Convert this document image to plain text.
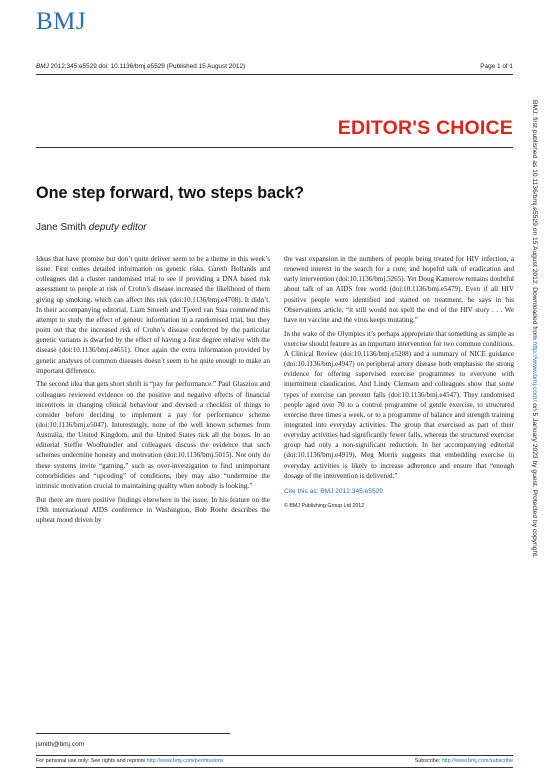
BMJ
BMJ 2012;345:e5529 doi: 10.1136/bmj.e5529 (Published 15 August 2012)	Page 1 of 1
EDITOR'S CHOICE
One step forward, two steps back?
Jane Smith deputy editor

Ideas that have promise but don’t quite deliver seem to be a theme in this week’s issue. First comes detailed information on genetic risks. Gareth Hollands and colleagues did a cluster randomised trial to see if providing a DNA based risk assessment to people at risk of Crohn’s disease increased the likelihood of them giving up smoking, which can affect this risk (doi:10.1136/bmj.e4708). It didn’t. In their accompanying editorial, Liam Smeeth and Tjeerd van Staa commend this attempt to study the effect of genetic information in a randomised trial, but they point out that the increased risk of Crohn’s disease conferred by the particular genetic variants is dwarfed by the effect of having a first degree relative with the disease (doi:10.1136/bmj.e4651). Once again the extra information provided by genetic analyses of common diseases doesn’t seem to be quite enough to make an important difference.

The second idea that gets short shrift is “pay for performance.” Paul Glasziou and colleagues reviewed evidence on the positive and negative effects of financial incentives in changing clinical behaviour and devised a checklist of things to consider before deciding to implement a pay for performance scheme (doi:10.1136/bmj.e5047). Interestingly, none of the well known schemes from Australia, the United Kingdom, and the United States tick all the boxes. In an editorial Steffie Woolhandler and colleagues discuss the evidence that such schemes undermine honesty and motivation (doi:10.1136/bmj.5015). Not only do these systems invite “gaming,” such as over-investigation to find unimportant comorbidities and “upcoding” of conditions, they may also “undermine the intrinsic motivation crucial to maintaining quality when nobody is looking.”

But there are more positive findings elsewhere in the issue. In his feature on the 19th international AIDS conference in Washington, Bob Roehr describes the upbeat mood driven by

the vast expansion in the numbers of people being treated for HIV infection, a renewed interest in the search for a cure, and hopeful talk of eradication and early intervention (doi:10.1136/bmj.5265). Yet Doug Kamerow remains doubtful about talk of an AIDS free world (doi:10.1136/bmj.e5479). Even if all HIV positive people were identified and started on treatment, he says in his Observations article, “it still would not spell the end of the HIV story . . . We have no vaccine and the virus keeps mutating.”

In the wake of the Olympics it’s perhaps appropriate that something as simple as exercise should feature as an important intervention for two common conditions. A Clinical Review (doi:10.1136/bmj.e5208) and a summary of NICE guidance (doi:10.1136/bmj.e4947) on peripheral artery disease both emphasise the strong evidence for offering supervised exercise programmes to everyone with intermittent claudication. And Lindy Clemson and colleagues show that some types of exercise can prevent falls (doi:10.1136/bmj.e4547). They randomised people aged over 70 to a control programme of gentle exercise, to structured exercise three times a week, or to a programme of balance and strength training integrated into everyday activities. The group that exercised as part of their everyday activities had significantly fewer falls, whereas the structured exercise group had only a non-significant reduction. In her accompanying editorial (doi:10.1136/bmj.e4919), Meg Morris suggests that embedding exercise in everyday activities is likely to increase adherence and ensure that “enough dosage of the intervention is delivered.”

Cite this as: BMJ 2012;345:e5529

© BMJ Publishing Group Ltd 2012

jsmith@bmj.com
For personal use only: See rights and reprints http://www.bmj.com/permissions	Subscribe: http://www.bmj.com/subscribe
BMJ: first published as 10.1136/bmj.e5529 on 15 August 2012. Downloaded from http://www.bmj.com/ on 5 January 2023 by guest. Protected by copyright.
